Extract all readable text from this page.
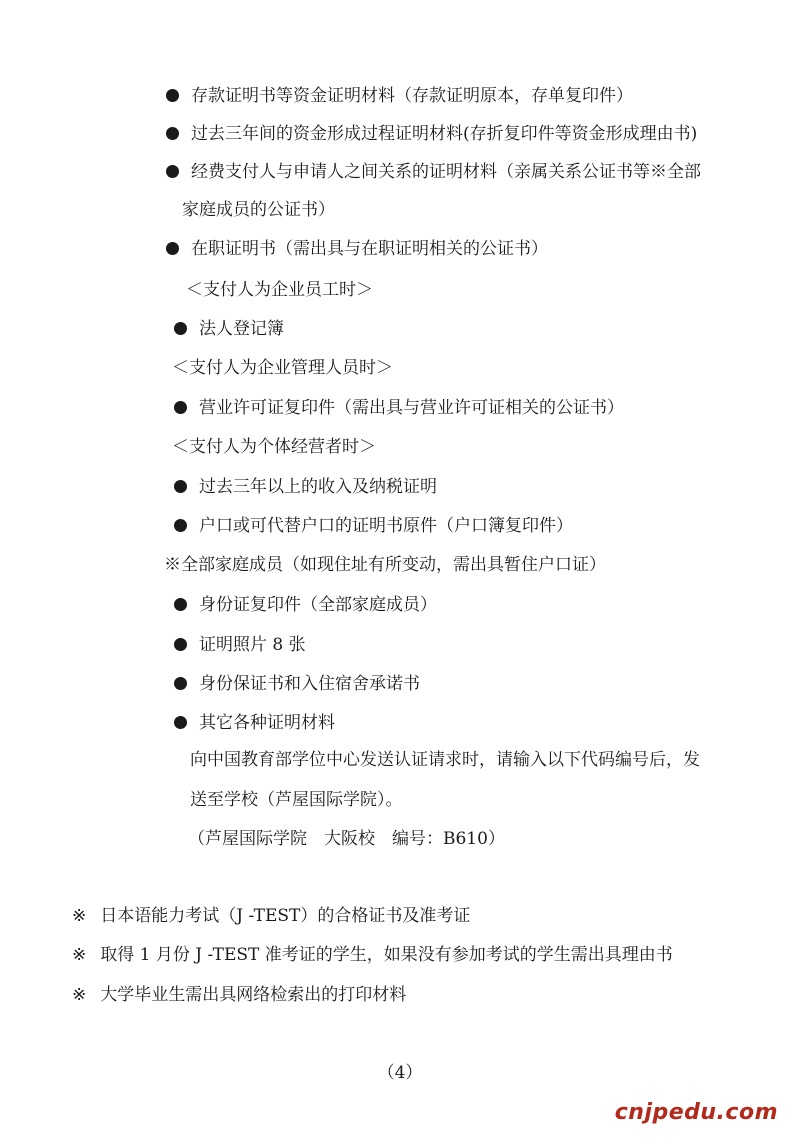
存款证明书等资金证明材料（存款证明原本，存单复印件）
过去三年间的资金形成过程证明材料(存折复印件等资金形成理由书)
经费支付人与申请人之间关系的证明材料（亲属关系公证书等※全部
家庭成员的公证书）
在职证明书（需出具与在职证明相关的公证书）
＜支付人为企业员工时＞
法人登记簿
＜支付人为企业管理人员时＞
营业许可证复印件（需出具与营业许可证相关的公证书）
＜支付人为个体经营者时＞
过去三年以上的收入及纳税证明
户口或可代替户口的证明书原件（户口簿复印件）
※全部家庭成员（如现住址有所变动，需出具暂住户口证）
身份证复印件（全部家庭成员）
证明照片 8 张
身份保证书和入住宿舍承诺书
其它各种证明材料
向中国教育部学位中心发送认证请求时，请输入以下代码编号后，发
送至学校（芦屋国际学院）。
（芦屋国际学院　大阪校　编号：B610）
※ 日本语能力考试（J -TEST）的合格证书及准考证
※ 取得 1 月份 J -TEST 准考证的学生，如果没有参加考试的学生需出具理由书
※ 大学毕业生需出具网络检索出的打印材料
（4）
cnjpedu.com
